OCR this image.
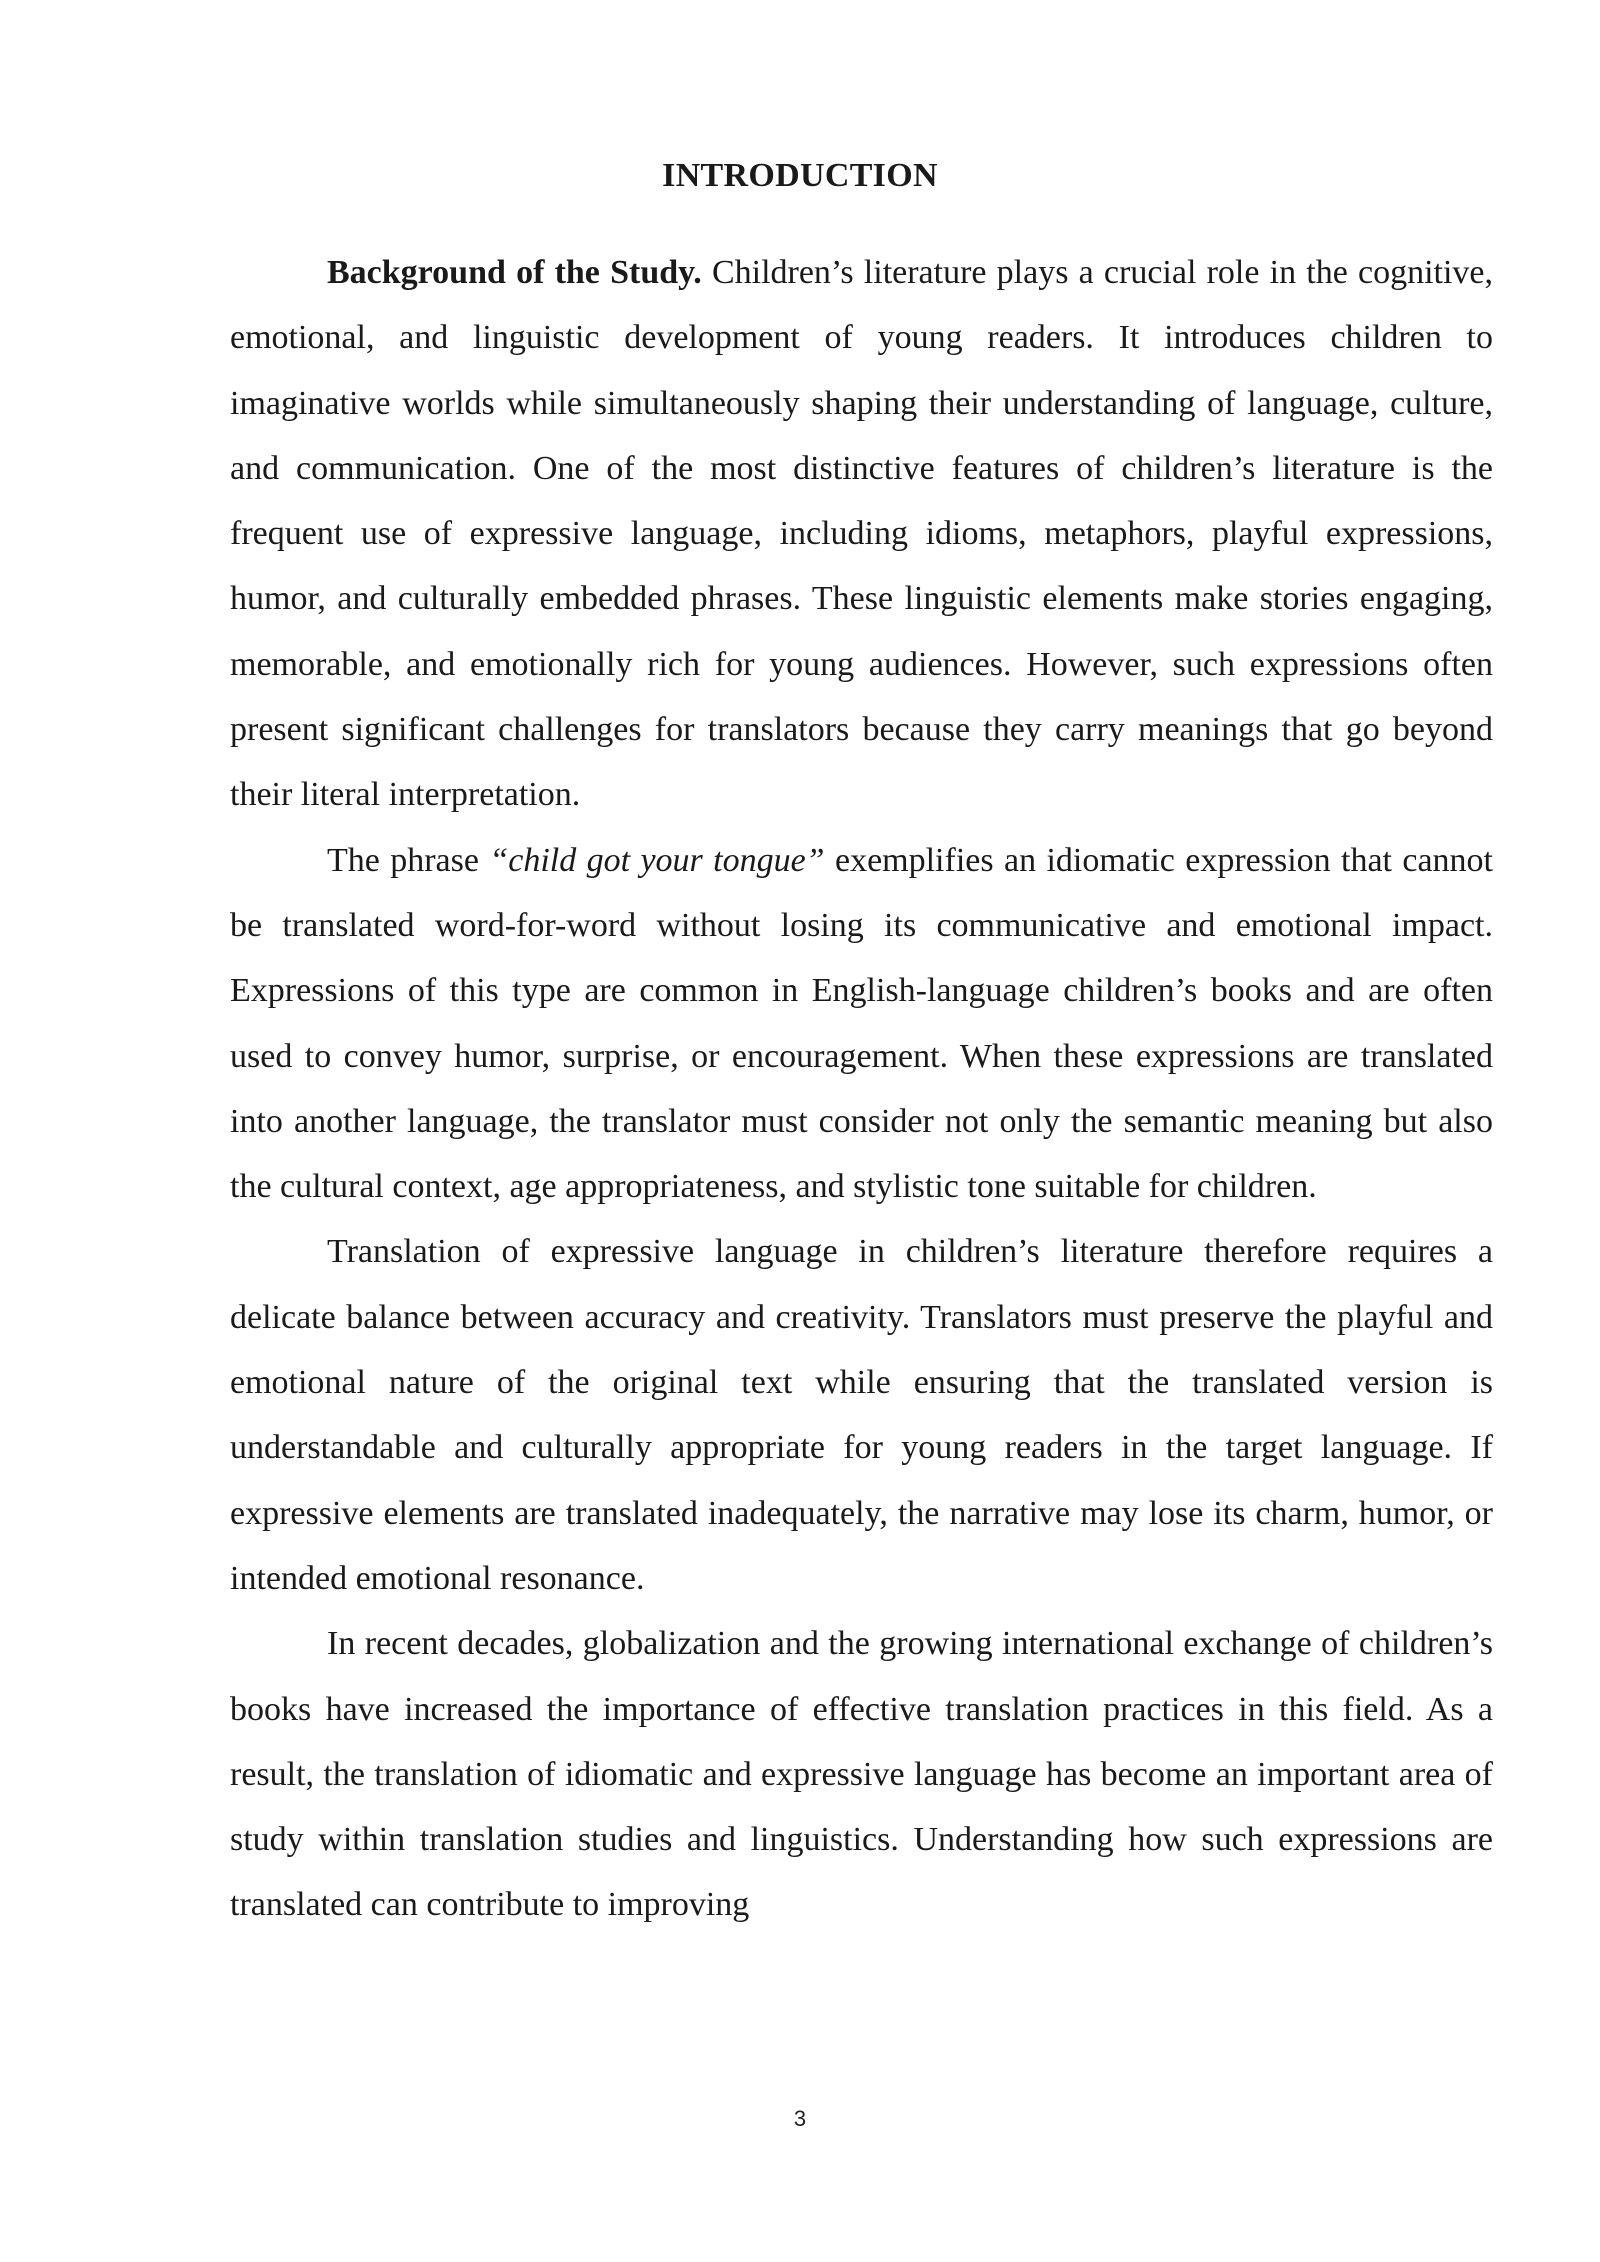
INTRODUCTION

Background of the Study. Children’s literature plays a crucial role in the cognitive, emotional, and linguistic development of young readers. It introduces children to imaginative worlds while simultaneously shaping their understanding of language, culture, and communication. One of the most distinctive features of children’s literature is the frequent use of expressive language, including idioms, metaphors, playful expressions, humor, and culturally embedded phrases. These linguistic elements make stories engaging, memorable, and emotionally rich for young audiences. However, such expressions often present significant challenges for translators because they carry meanings that go beyond their literal interpretation.

The phrase “child got your tongue” exemplifies an idiomatic expression that cannot be translated word-for-word without losing its communicative and emotional impact. Expressions of this type are common in English-language children’s books and are often used to convey humor, surprise, or encouragement. When these expressions are translated into another language, the translator must consider not only the semantic meaning but also the cultural context, age appropriateness, and stylistic tone suitable for children.

Translation of expressive language in children’s literature therefore requires a delicate balance between accuracy and creativity. Translators must preserve the playful and emotional nature of the original text while ensuring that the translated version is understandable and culturally appropriate for young readers in the target language. If expressive elements are translated inadequately, the narrative may lose its charm, humor, or intended emotional resonance.

In recent decades, globalization and the growing international exchange of children’s books have increased the importance of effective translation practices in this field. As a result, the translation of idiomatic and expressive language has become an important area of study within translation studies and linguistics. Understanding how such expressions are translated can contribute to improving

3
